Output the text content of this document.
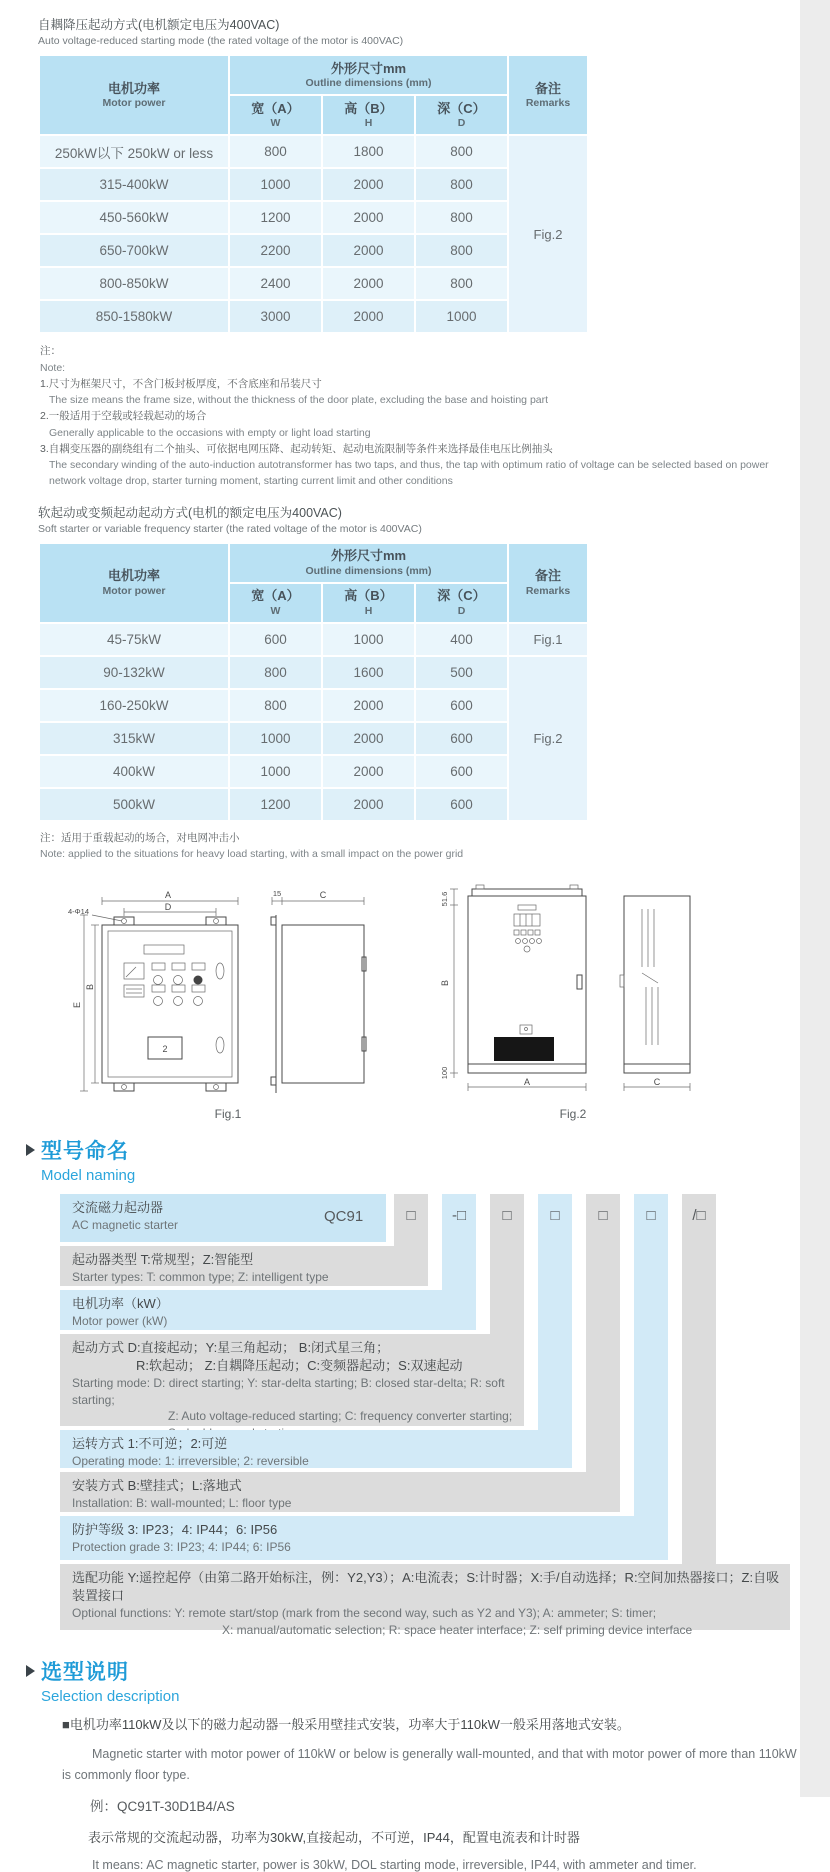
自耦降压起动方式(电机额定电压为400VAC)
Auto voltage-reduced starting mode (the rated voltage of the motor is 400VAC)
电机功率
Motor power

外形尺寸mm
Outline dimensions (mm)	备注
Remarks

宽（A）
W

高（B）
H

深（C）
D

250kW以下 250kW or less	800	1800	800	Fig.2
315-400kW	1000	2000	800	
450-560kW	1200	2000	800	
650-700kW	2200	2000	800	
800-850kW	2400	2000	800	
850-1580kW	3000	2000	1000	
注：
Note:
1.尺寸为框架尺寸，不含门板封板厚度，不含底座和吊装尺寸
The size means the frame size, without the thickness of the door plate, excluding the base and hoisting part
2.一般适用于空载或轻载起动的场合
Generally applicable to the occasions with empty or light load starting
3.自耦变压器的副绕组有二个抽头、可依据电网压降、起动转矩、起动电流限制等条件来选择最佳电压比例抽头
The secondary winding of the auto-induction autotransformer has two taps, and thus, the tap with optimum ratio of voltage can be selected based on power network voltage drop, starter turning moment, starting current limit and other conditions
软起动或变频起动起动方式(电机的额定电压为400VAC)
Soft starter or variable frequency starter (the rated voltage of the motor is 400VAC)
电机功率
Motor power

外形尺寸mm
Outline dimensions (mm)	备注
Remarks

宽（A）
W

高（B）
H

深（C）
D

45-75kW	600	1000	400	Fig.1
90-132kW	800	1600	500	Fig.2
160-250kW	800	2000	600	
315kW	1000	2000	600	
400kW	1000	2000	600	
500kW	1200	2000	600	
注：适用于重载起动的场合，对电网冲击小
Note: applied to the situations for heavy load starting, with a small impact on the power grid
A
D
4-Φ14
E
B
2
15	C
Fig.1
51.6
B
100
A	C
Fig.2
型号命名
Model naming
交流磁力起动器
AC magnetic starter
QC91	□	-□	□	□	□	□	/□
起动器类型 T:常规型；Z:智能型
Starter types: T: common type; Z: intelligent type
电机功率（kW）
Motor power (kW)
起动方式 D:直接起动；Y:星三角起动； B:闭式星三角；
R:软起动； Z:自耦降压起动；C:变频器起动；S:双速起动
Starting mode: D: direct starting; Y: star-delta starting; B: closed star-delta; R: soft starting;
Z: Auto voltage-reduced starting; C: frequency converter starting;
运转方式 1:不可逆；2:可逆
Operating mode: 1: irreversible; 2: reversible
安装方式 B:壁挂式；L:落地式
Installation: B: wall-mounted; L: floor type
防护等级 3: IP23；4: IP44；6: IP56
Protection grade 3: IP23; 4: IP44; 6: IP56
选配功能 Y:遥控起停（由第二路开始标注，例：Y2,Y3）；A:电流表；S:计时器；X:手/自动选择；R:空间加热器接口；Z:自吸装置接口
Optional functions: Y: remote start/stop (mark from the second way, such as Y2 and Y3); A: ammeter; S: timer;
X: manual/automatic selection; R: space heater interface; Z: self priming device interface
选型说明
Selection description
■电机功率110kW及以下的磁力起动器一般采用壁挂式安装，功率大于110kW一般采用落地式安装。
Magnetic starter with motor power of 110kW or below is generally wall-mounted, and that with motor power of more than 110kW is commonly floor type.
例：QC91T-30D1B4/AS
表示常规的交流起动器，功率为30kW,直接起动，不可逆，IP44，配置电流表和计时器
It means: AC magnetic starter, power is 30kW, DOL starting mode, irreversible, IP44, with ammeter and timer.
